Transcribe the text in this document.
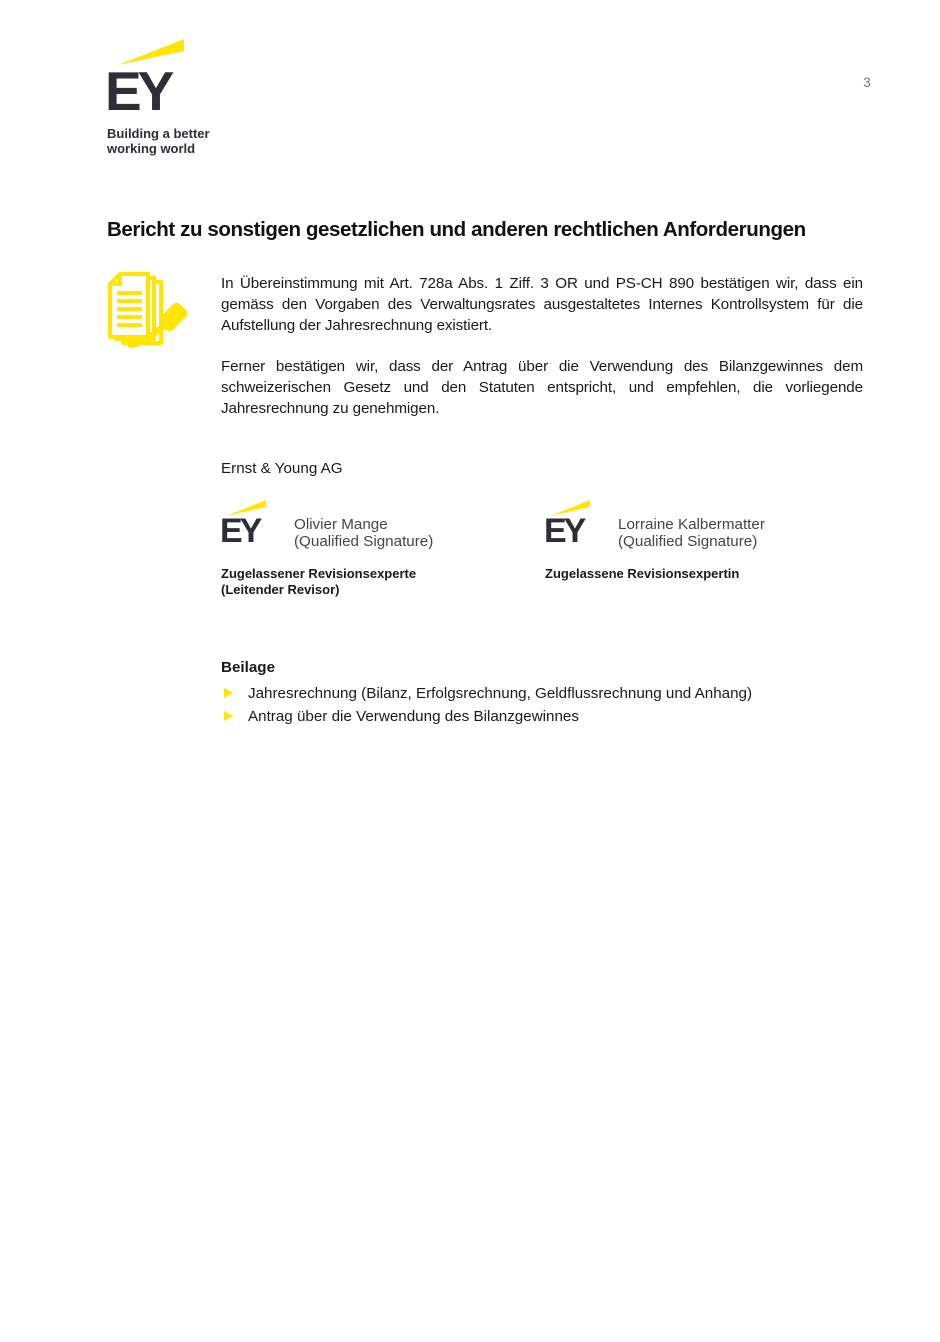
EY
Building a better
working world
3
Bericht zu sonstigen gesetzlichen und anderen rechtlichen Anforderungen
In Übereinstimmung mit Art. 728a Abs. 1 Ziff. 3 OR und PS-CH 890 bestätigen wir, dass ein gemäss den Vorgaben des Verwaltungsrates ausgestaltetes Internes Kontrollsystem für die Aufstellung der Jahresrechnung existiert.
Ferner bestätigen wir, dass der Antrag über die Verwendung des Bilanzgewinnes dem schweizerischen Gesetz und den Statuten entspricht, und empfehlen, die vorliegende Jahresrechnung zu genehmigen.
Ernst & Young AG
EY Olivier Mange
(Qualified Signature)
Zugelassener Revisionsexperte
(Leitender Revisor)
EY Lorraine Kalbermatter
(Qualified Signature)
Zugelassene Revisionsexpertin
Beilage
Jahresrechnung (Bilanz, Erfolgsrechnung, Geldflussrechnung und Anhang)
Antrag über die Verwendung des Bilanzgewinnes
